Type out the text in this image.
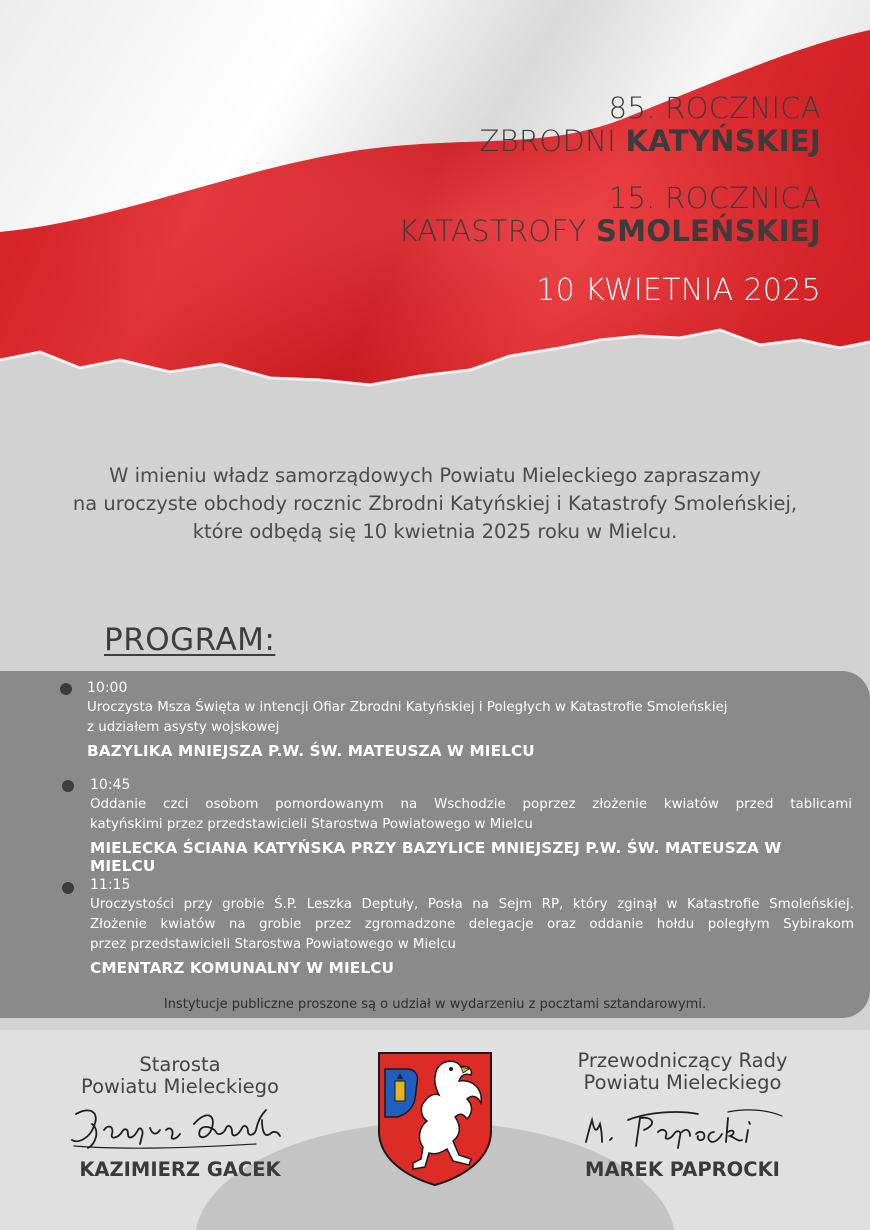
85. ROCZNICA
ZBRODNI KATYŃSKIEJ
15. ROCZNICA
KATASTROFY SMOLEŃSKIEJ
10 KWIETNIA 2025
W imieniu władz samorządowych Powiatu Mieleckiego zapraszamy
na uroczyste obchody rocznic Zbrodni Katyńskiej i Katastrofy Smoleńskiej,
które odbędą się 10 kwietnia 2025 roku w Mielcu.
PROGRAM:
10:00
Uroczysta Msza Święta w intencji Ofiar Zbrodni Katyńskiej i Poległych w Katastrofie Smoleńskiej
z udziałem asysty wojskowej
BAZYLIKA MNIEJSZA P.W. ŚW. MATEUSZA W MIELCU
10:45
Oddanie czci osobom pomordowanym na Wschodzie poprzez złożenie kwiatów przed tablicami
katyńskimi przez przedstawicieli Starostwa Powiatowego w Mielcu
MIELECKA ŚCIANA KATYŃSKA PRZY BAZYLICE MNIEJSZEJ P.W. ŚW. MATEUSZA W MIELCU
11:15
Uroczystości przy grobie Ś.P. Leszka Deptuły, Posła na Sejm RP, który zginął w Katastrofie Smoleńskiej.
Złożenie kwiatów na grobie przez zgromadzone delegacje oraz oddanie hołdu poległym Sybirakom
przez przedstawicieli Starostwa Powiatowego w Mielcu
CMENTARZ KOMUNALNY W MIELCU
Instytucje publiczne proszone są o udział w wydarzeniu z pocztami sztandarowymi.
Starosta
Powiatu Mieleckiego
KAZIMIERZ GACEK
Przewodniczący Rady
Powiatu Mieleckiego
MAREK PAPROCKI
